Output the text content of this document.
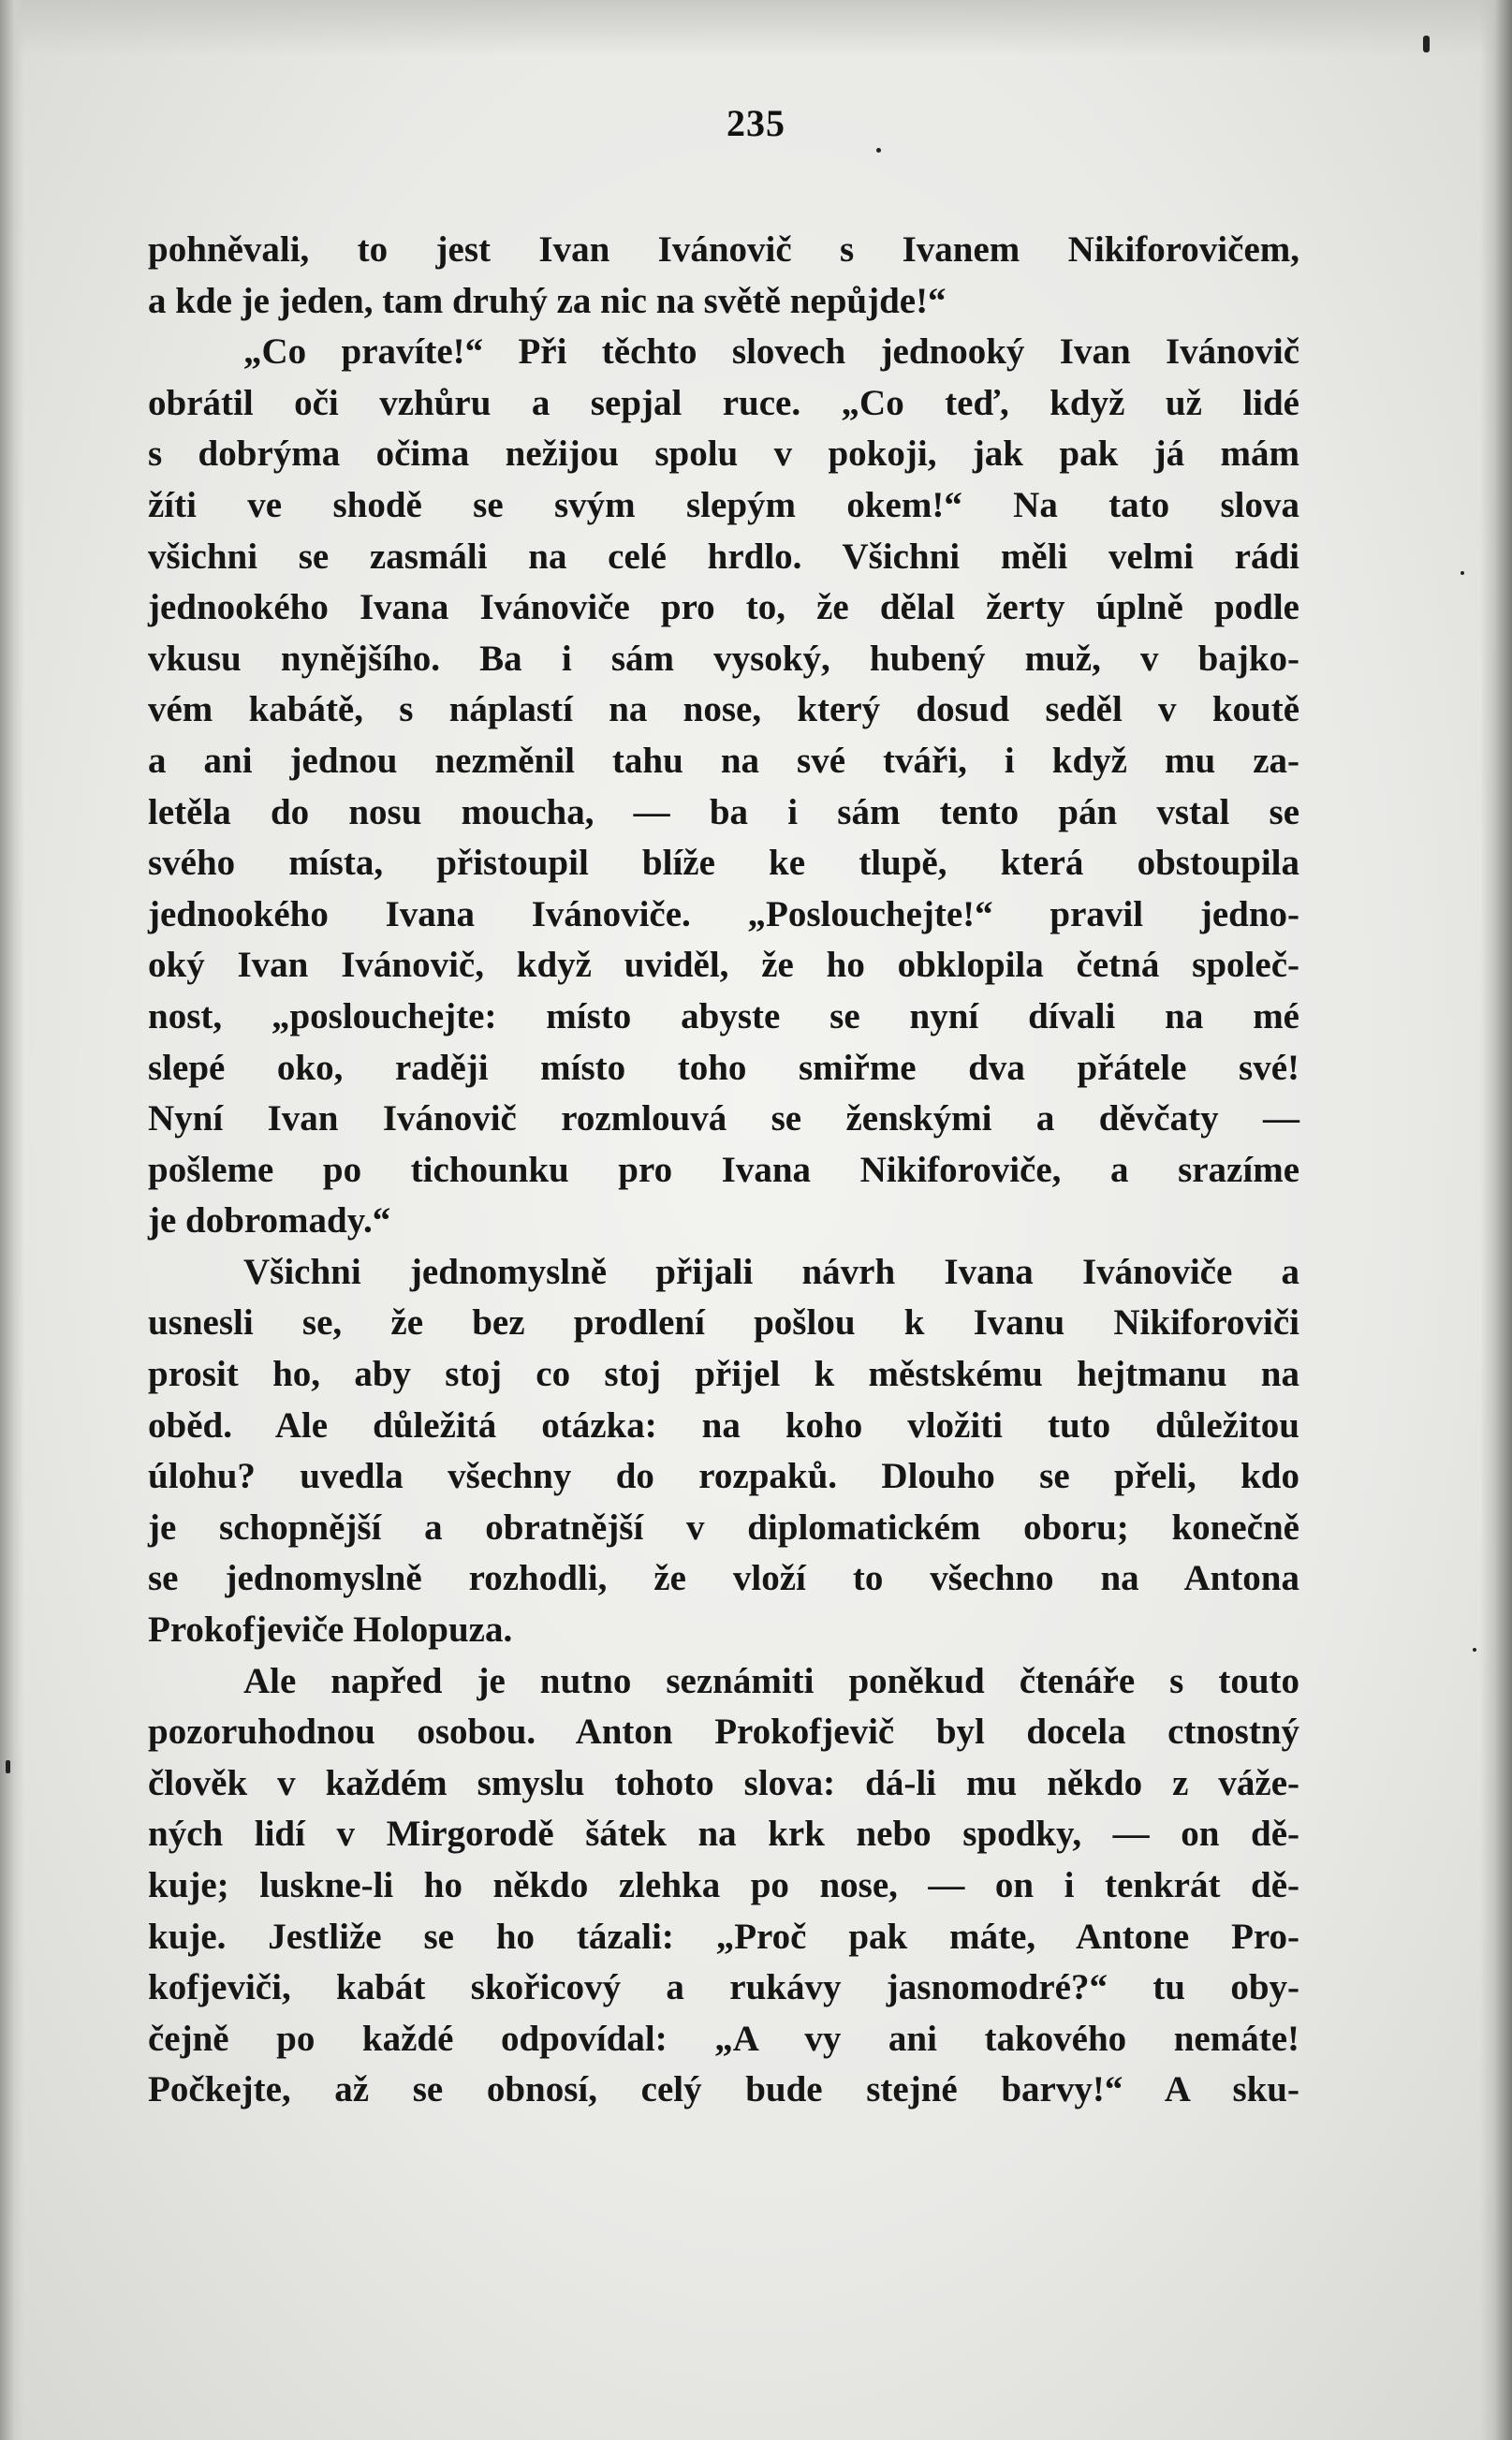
235
pohněvali, to jest Ivan Ivánovič s Ivanem Nikiforovičem,
a kde je jeden, tam druhý za nic na světě nepůjde!“
„Co pravíte!“ Při těchto slovech jednooký Ivan Ivánovič
obrátil oči vzhůru a sepjal ruce. „Co teď, když už lidé
s dobrýma očima nežijou spolu v pokoji, jak pak já mám
žíti ve shodě se svým slepým okem!“ Na tato slova
všichni se zasmáli na celé hrdlo. Všichni měli velmi rádi
jednookého Ivana Ivánoviče pro to, že dělal žerty úplně podle
vkusu nynějšího. Ba i sám vysoký, hubený muž, v bajko-
vém kabátě, s náplastí na nose, který dosud seděl v koutě
a ani jednou nezměnil tahu na své tváři, i když mu za-
letěla do nosu moucha, — ba i sám tento pán vstal se
svého místa, přistoupil blíže ke tlupě, která obstoupila
jednookého Ivana Ivánoviče. „Poslouchejte!“ pravil jedno-
oký Ivan Ivánovič, když uviděl, že ho obklopila četná společ-
nost, „poslouchejte: místo abyste se nyní dívali na mé
slepé oko, raději místo toho smiřme dva přátele své!
Nyní Ivan Ivánovič rozmlouvá se ženskými a děvčaty —
pošleme po tichounku pro Ivana Nikiforoviče, a srazíme
je dobromady.“
Všichni jednomyslně přijali návrh Ivana Ivánoviče a
usnesli se, že bez prodlení pošlou k Ivanu Nikiforoviči
prosit ho, aby stoj co stoj přijel k městskému hejtmanu na
oběd. Ale důležitá otázka: na koho vložiti tuto důležitou
úlohu? uvedla všechny do rozpaků. Dlouho se přeli, kdo
je schopnější a obratnější v diplomatickém oboru; konečně
se jednomyslně rozhodli, že vloží to všechno na Antona
Prokofjeviče Holopuza.
Ale napřed je nutno seznámiti poněkud čtenáře s touto
pozoruhodnou osobou. Anton Prokofjevič byl docela ctnostný
člověk v každém smyslu tohoto slova: dá-li mu někdo z váže-
ných lidí v Mirgorodě šátek na krk nebo spodky, — on dě-
kuje; luskne-li ho někdo zlehka po nose, — on i tenkrát dě-
kuje. Jestliže se ho tázali: „Proč pak máte, Antone Pro-
kofjeviči, kabát skořicový a rukávy jasnomodré?“ tu oby-
čejně po každé odpovídal: „A vy ani takového nemáte!
Počkejte, až se obnosí, celý bude stejné barvy!“ A sku-
